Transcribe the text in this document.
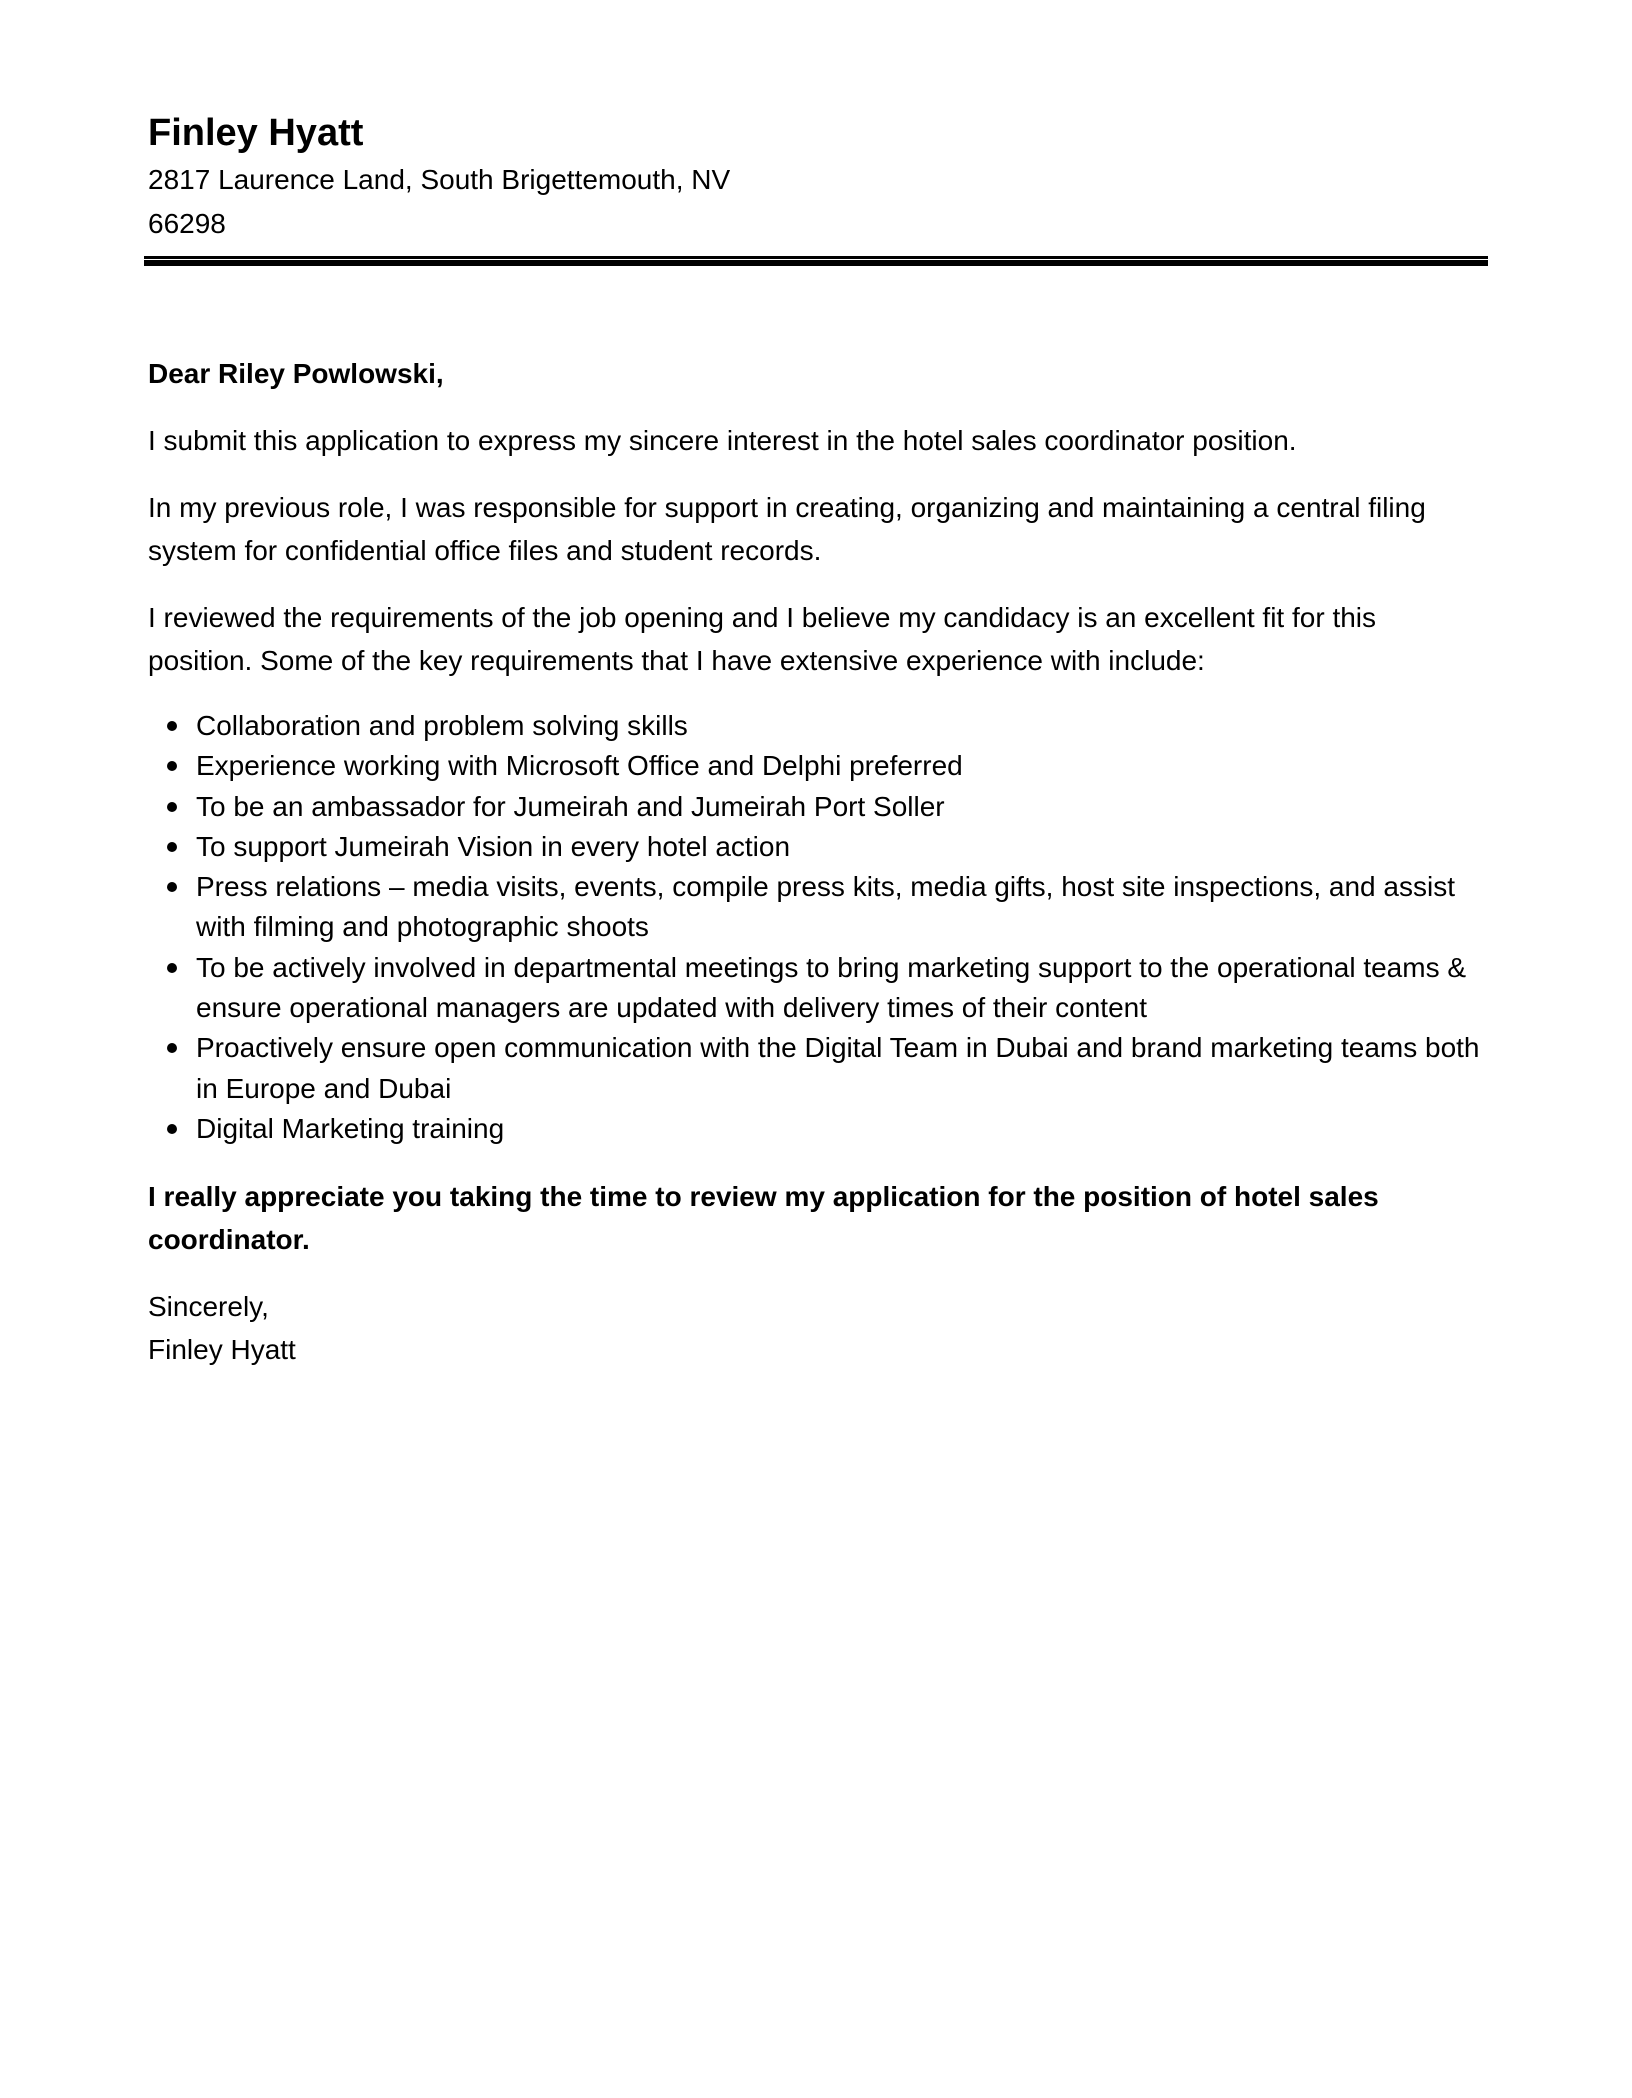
Finley Hyatt

2817 Laurence Land, South Brigettemouth, NV 66298

Dear Riley Powlowski,

I submit this application to express my sincere interest in the hotel sales coordinator position.

In my previous role, I was responsible for support in creating, organizing and maintaining a central filing system for confidential office files and student records.

I reviewed the requirements of the job opening and I believe my candidacy is an excellent fit for this position. Some of the key requirements that I have extensive experience with include:

Collaboration and problem solving skills
Experience working with Microsoft Office and Delphi preferred
To be an ambassador for Jumeirah and Jumeirah Port Soller
To support Jumeirah Vision in every hotel action
Press relations – media visits, events, compile press kits, media gifts, host site inspections, and assist with filming and photographic shoots
To be actively involved in departmental meetings to bring marketing support to the operational teams & ensure operational managers are updated with delivery times of their content
Proactively ensure open communication with the Digital Team in Dubai and brand marketing teams both in Europe and Dubai
Digital Marketing training

I really appreciate you taking the time to review my application for the position of hotel sales coordinator.

Sincerely,

Finley Hyatt
